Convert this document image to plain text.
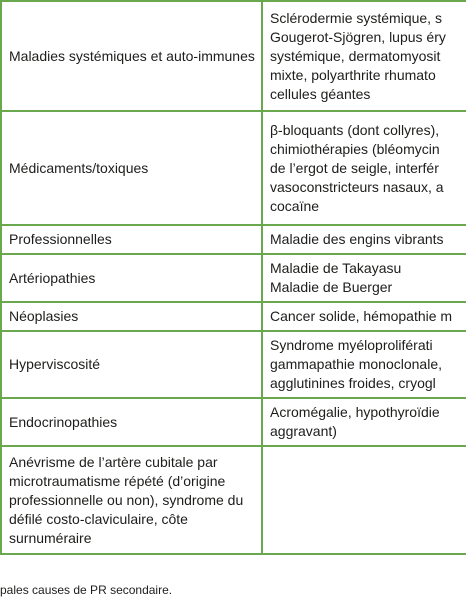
Maladies systémiques et auto-immunes	Sclérodermie systémique, s
Gougerot-Sjögren, lupus éry
systémique, dermatomyosit
mixte, polyarthrite rhumato
cellules géantes

Médicaments/toxiques	β-bloquants (dont collyres),
chimiothérapies (bléomycin
de l’ergot de seigle, interfér
vasoconstricteurs nasaux, a
cocaïne

Professionnelles	Maladie des engins vibrants

Artériopathies	Maladie de Takayasu
Maladie de Buerger

Néoplasies	Cancer solide, hémopathie m

Hyperviscosité	Syndrome myéloproliférati
gammapathie monoclonale,
agglutinines froides, cryogl

Endocrinopathies	Acromégalie, hypothyroïdie
aggravant)

Anévrisme de l’artère cubitale par microtraumatisme répété (d’origine professionnelle ou non), syndrome du défilé costo-claviculaire, côte surnuméraire	
pales causes de PR secondaire.
